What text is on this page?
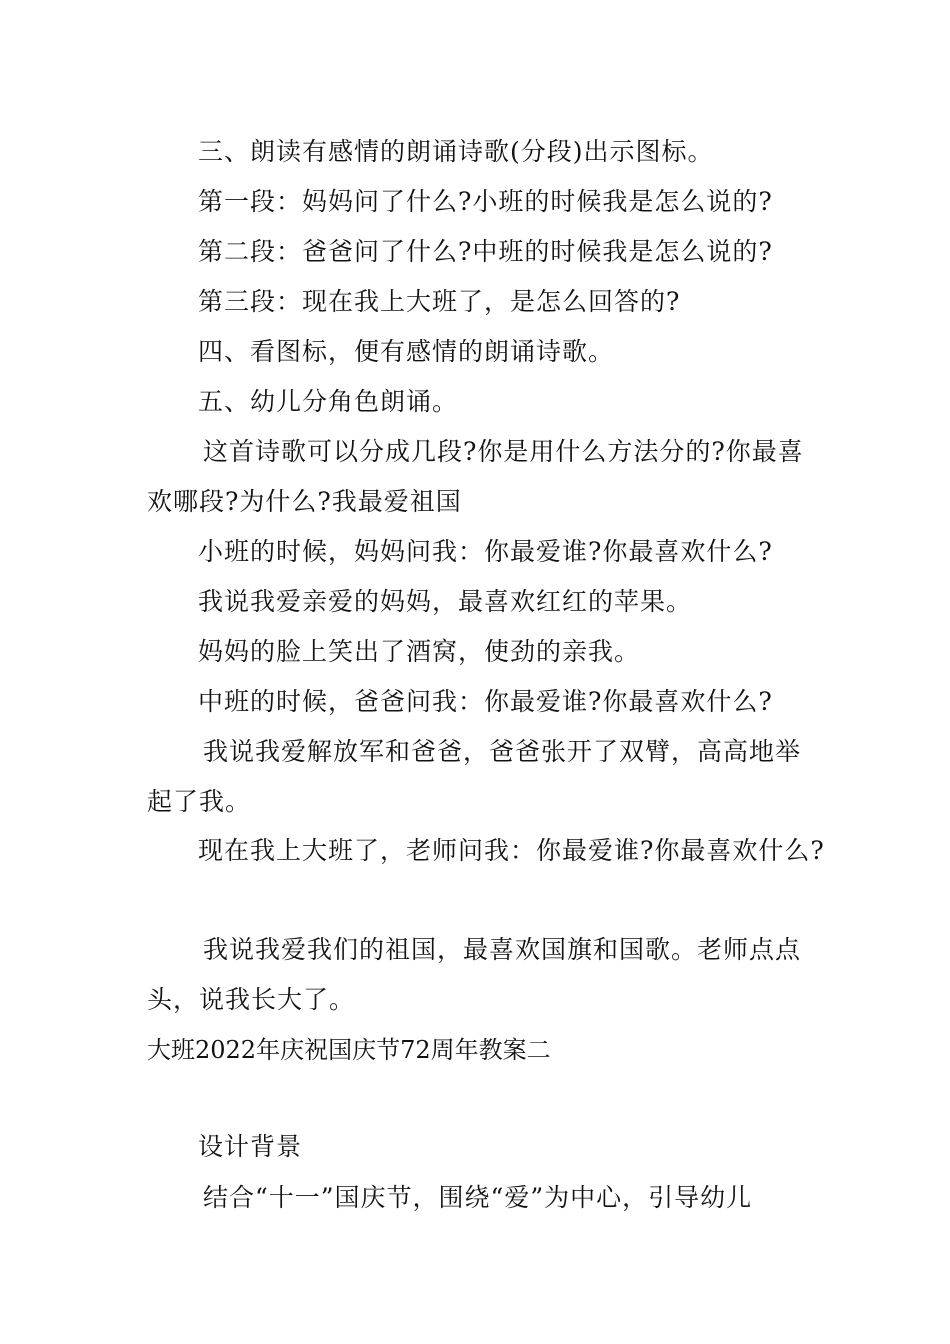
三、朗读有感情的朗诵诗歌(分段)出示图标。

第一段：妈妈问了什么?小班的时候我是怎么说的?

第二段：爸爸问了什么?中班的时候我是怎么说的?

第三段：现在我上大班了，是怎么回答的?

四、看图标，便有感情的朗诵诗歌。

五、幼儿分角色朗诵。

这首诗歌可以分成几段?你是用什么方法分的?你最喜

欢哪段?为什么?我最爱祖国

小班的时候，妈妈问我：你最爱谁?你最喜欢什么?

我说我爱亲爱的妈妈，最喜欢红红的苹果。

妈妈的脸上笑出了酒窝，使劲的亲我。

中班的时候，爸爸问我：你最爱谁?你最喜欢什么?

我说我爱解放军和爸爸，爸爸张开了双臂，高高地举

起了我。

现在我上大班了，老师问我：你最爱谁?你最喜欢什么?

我说我爱我们的祖国，最喜欢国旗和国歌。老师点点

头，说我长大了。

大班2022年庆祝国庆节72周年教案二

设计背景

结合“十一”国庆节，围绕“爱”为中心，引导幼儿
